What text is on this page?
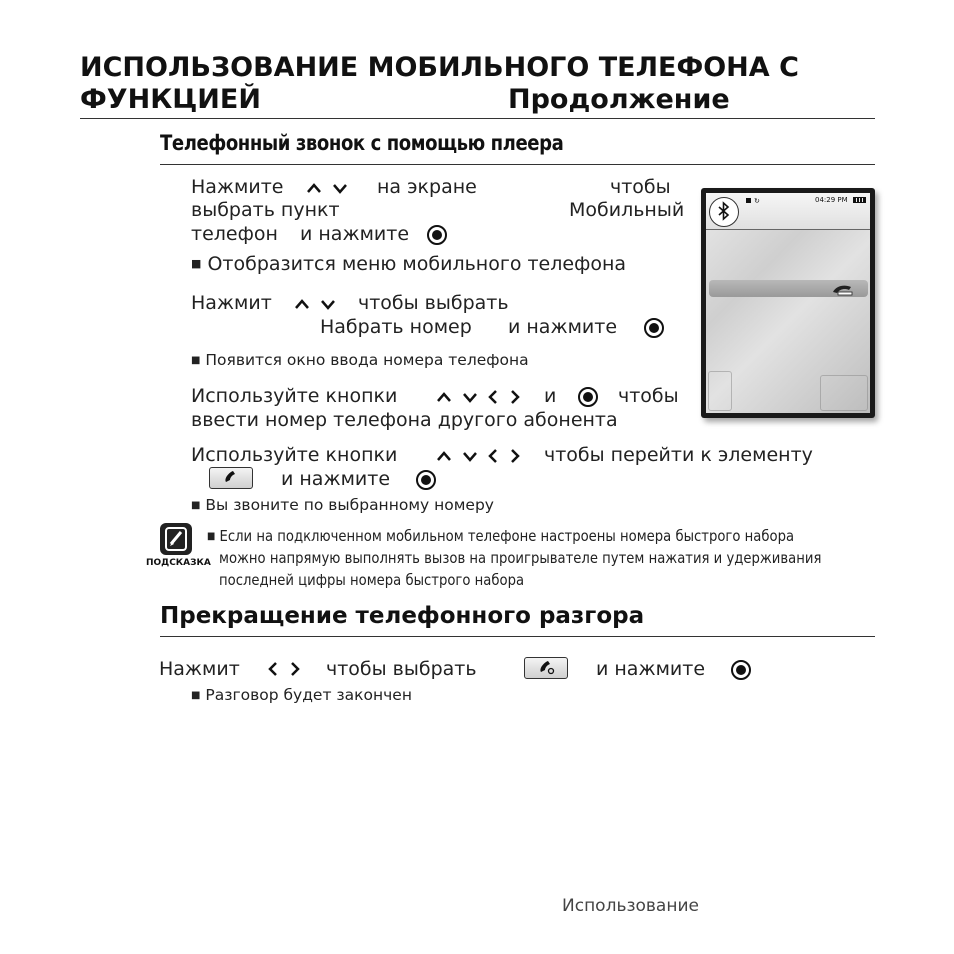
ИСПОЛЬЗОВАНИЕ МОБИЛЬНОГО ТЕЛЕФОНА С
ФУНКЦИЕЙ	Продолжение
Телефонный звонок с помощью плеера
Нажмите	на экране	чтобы
выбрать пункт	Мобильный
телефон и нажмите
■ Отобразится меню мобильного телефона
Нажмит	чтобы выбрать
Набрать номер и нажмите
■ Появится окно ввода номера телефона
Используйте кнопки	и	чтобы
ввести номер телефона другого абонента
Используйте кнопки	чтобы перейти к элементу
и нажмите
■ Вы звоните по выбранному номеру
ПОДСКАЗКА
■ Если на подключенном мобильном телефоне настроены номера быстрого набора
можно напрямую выполнять вызов на проигрывателе путем нажатия и удерживания
последней цифры номера быстрого набора
Прекращение телефонного разгора
Нажмит	чтобы выбрать	и нажмите
■ Разговор будет закончен
↻	04:29 PM
Использование
